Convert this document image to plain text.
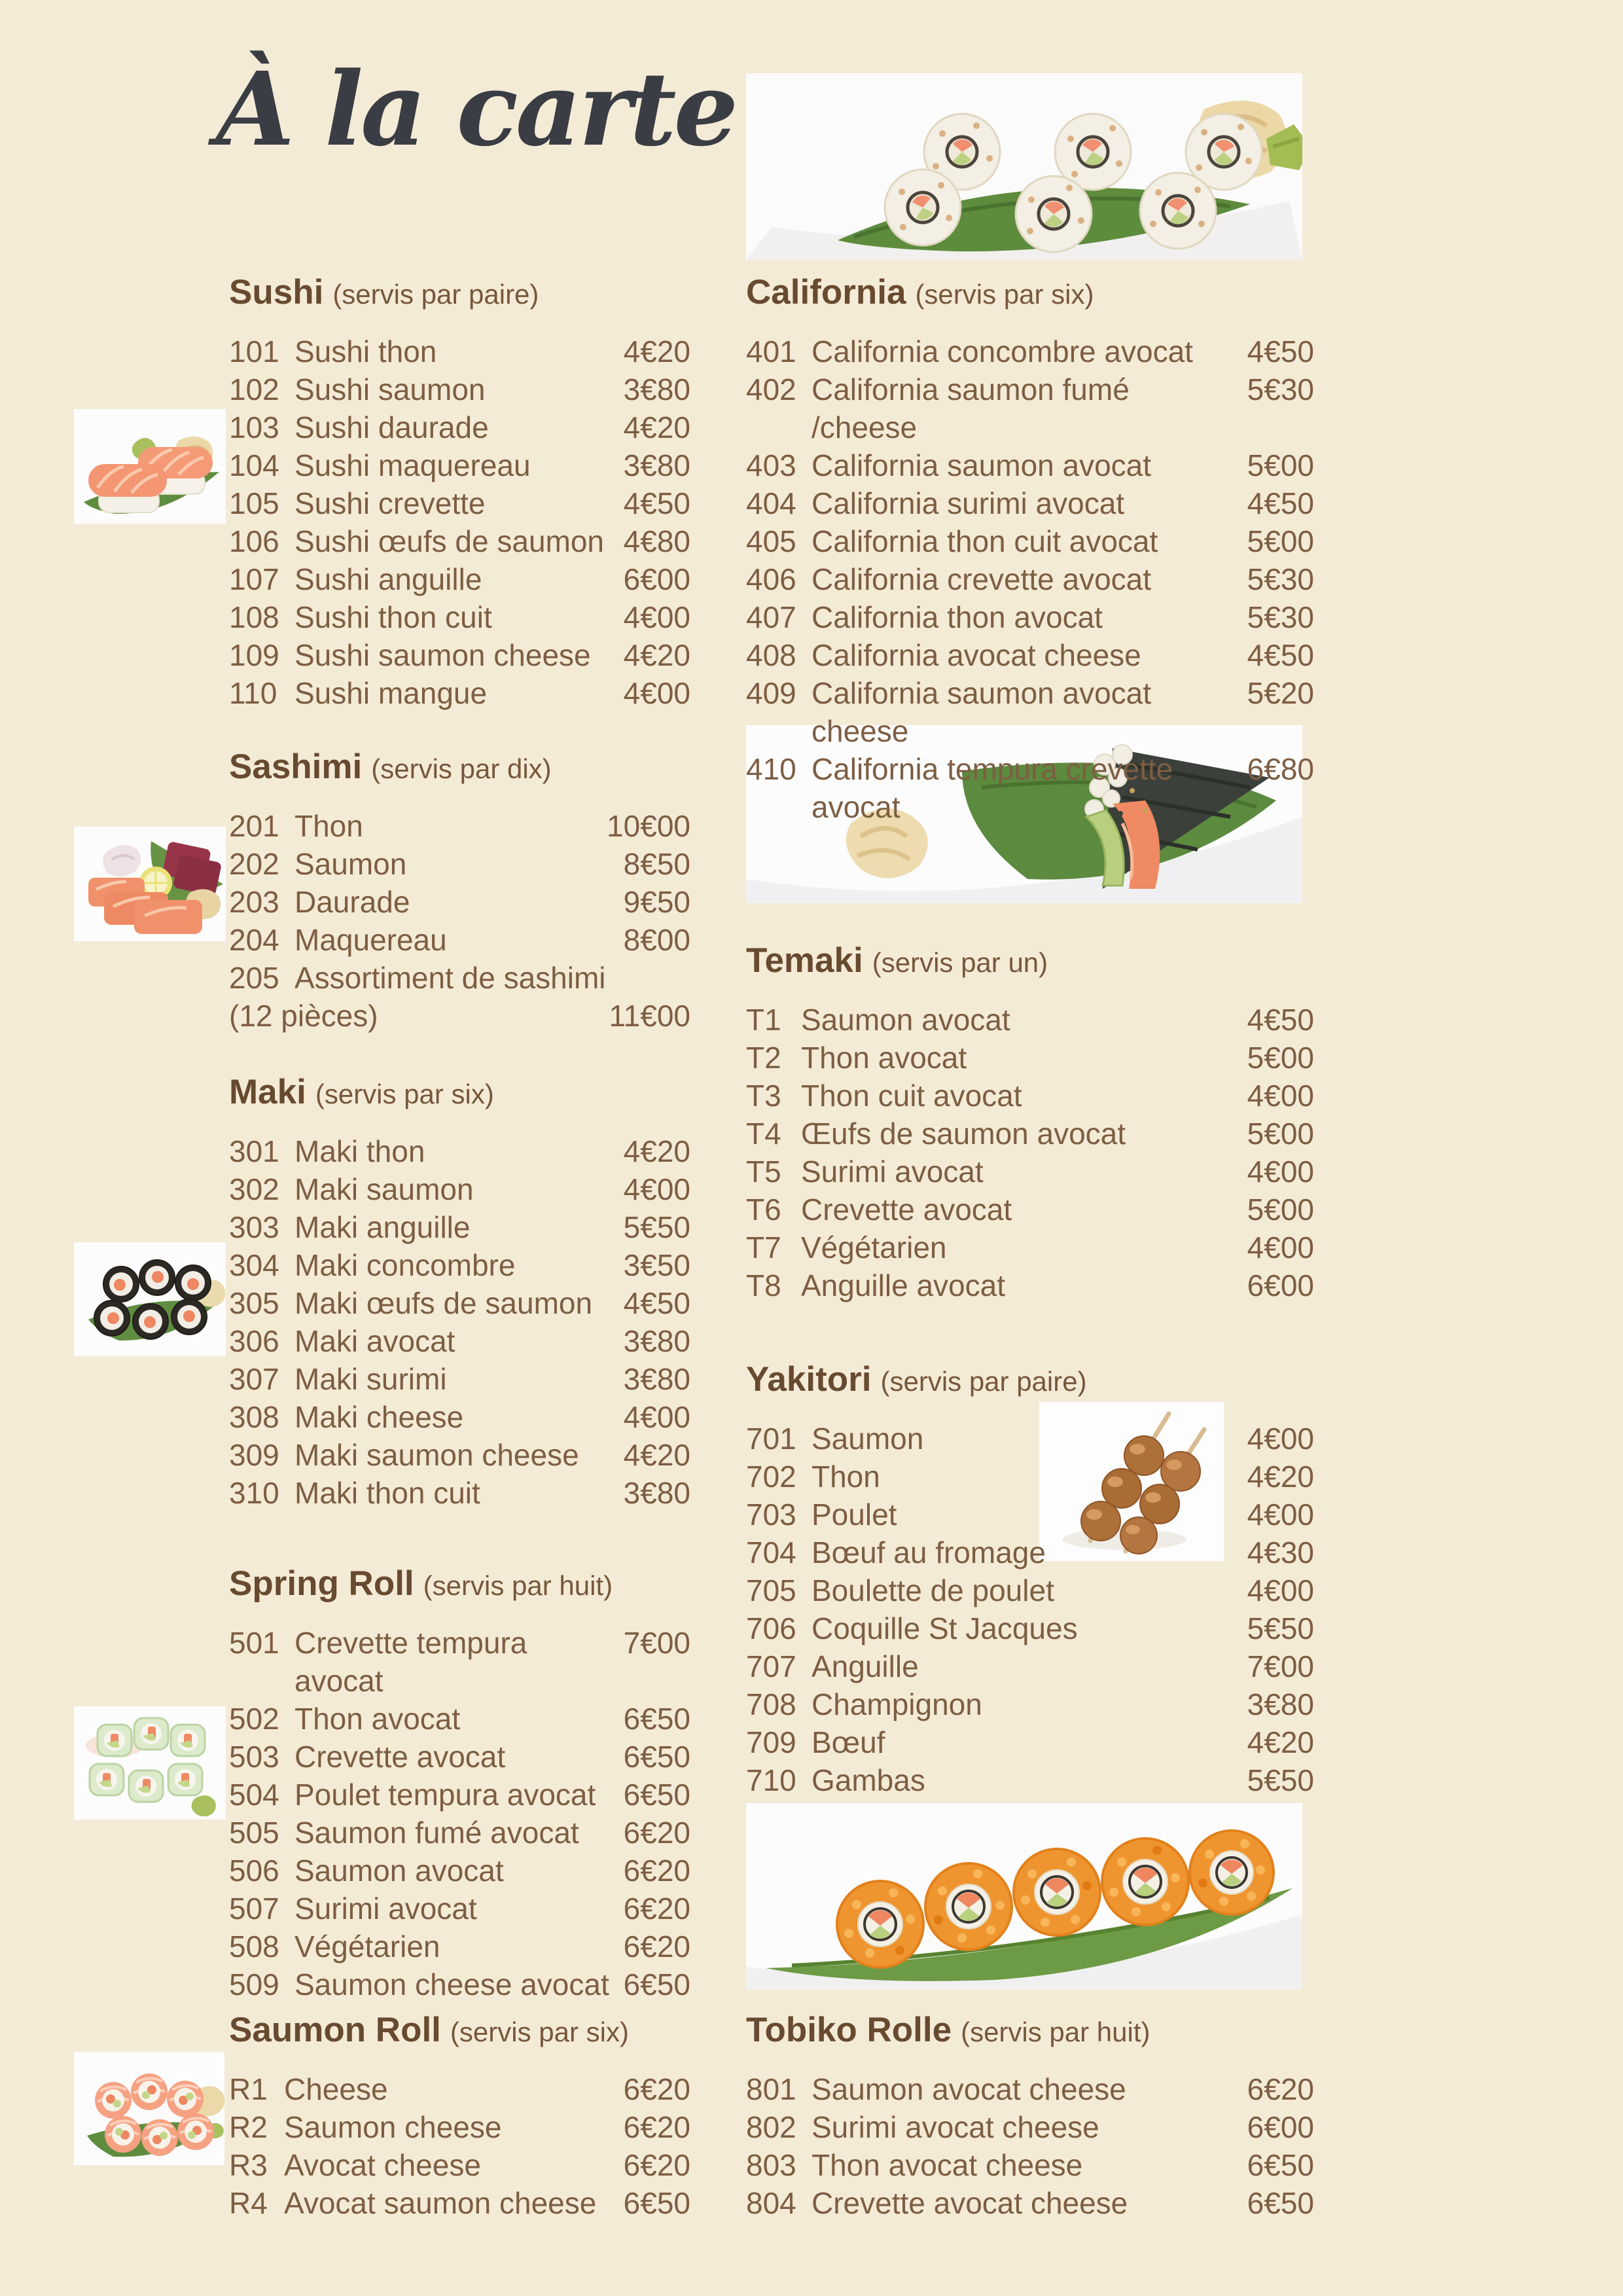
À la carte
Sushi (servis par paire)
101 Sushi thon	4€20
102 Sushi saumon	3€80
103 Sushi daurade	4€20
104 Sushi maquereau	3€80
105 Sushi crevette	4€50
106 Sushi œufs de saumon 4€80
107 Sushi anguille	6€00
108 Sushi thon cuit	4€00
109 Sushi saumon cheese	4€20
110 Sushi mangue	4€00
Sashimi (servis par dix)
201 Thon	10€00
202 Saumon	8€50
203 Daurade	9€50
204 Maquereau	8€00
205 Assortiment de sashimi
(12 pièces)	11€00
Maki (servis par six)
301 Maki thon	4€20
302 Maki saumon	4€00
303 Maki anguille	5€50
304 Maki concombre	3€50
305 Maki œufs de saumon	4€50
306 Maki avocat	3€80
307 Maki surimi	3€80
308 Maki cheese	4€00
309 Maki saumon cheese	4€20
310 Maki thon cuit	3€80
Spring Roll (servis par huit)
501 Crevette tempura avocat
7€00
502 Thon avocat	6€50
503 Crevette avocat	6€50
504 Poulet tempura avocat 6€50
505 Saumon fumé avocat	6€20
506 Saumon avocat	6€20
507 Surimi avocat	6€20
508 Végétarien	6€20
509 Saumon cheese avocat 6€50
Saumon Roll (servis par six)
R1 Cheese	6€20
R2 Saumon cheese	6€20
R3 Avocat cheese	6€20
R4 Avocat saumon cheese 6€50
California (servis par six)
401 California concombre avocat	4€50
402 California saumon fumé /cheese
5€30
403 California saumon avocat	5€00
404 California surimi avocat	4€50
405 California thon cuit avocat	5€00
406 California crevette avocat	5€30
407 California thon avocat	5€30
408 California avocat cheese	4€50
409 California saumon avocat cheese
5€20
410 California tempura crevette avocat
6€80
Temaki (servis par un)
T1 Saumon avocat	4€50
T2 Thon avocat	5€00
T3 Thon cuit avocat	4€00
T4 Œufs de saumon avocat	5€00
T5 Surimi avocat	4€00
T6 Crevette avocat	5€00
T7 Végétarien	4€00
T8 Anguille avocat	6€00
Yakitori (servis par paire)
701 Saumon	4€00
702 Thon	4€20
703 Poulet	4€00
704 Bœuf au fromage	4€30
705 Boulette de poulet	4€00
706 Coquille St Jacques	5€50
707 Anguille	7€00
708 Champignon	3€80
709 Bœuf	4€20
710 Gambas	5€50
Tobiko Rolle (servis par huit)
801 Saumon avocat cheese	6€20
802 Surimi avocat cheese	6€00
803 Thon avocat cheese	6€50
804 Crevette avocat cheese	6€50
